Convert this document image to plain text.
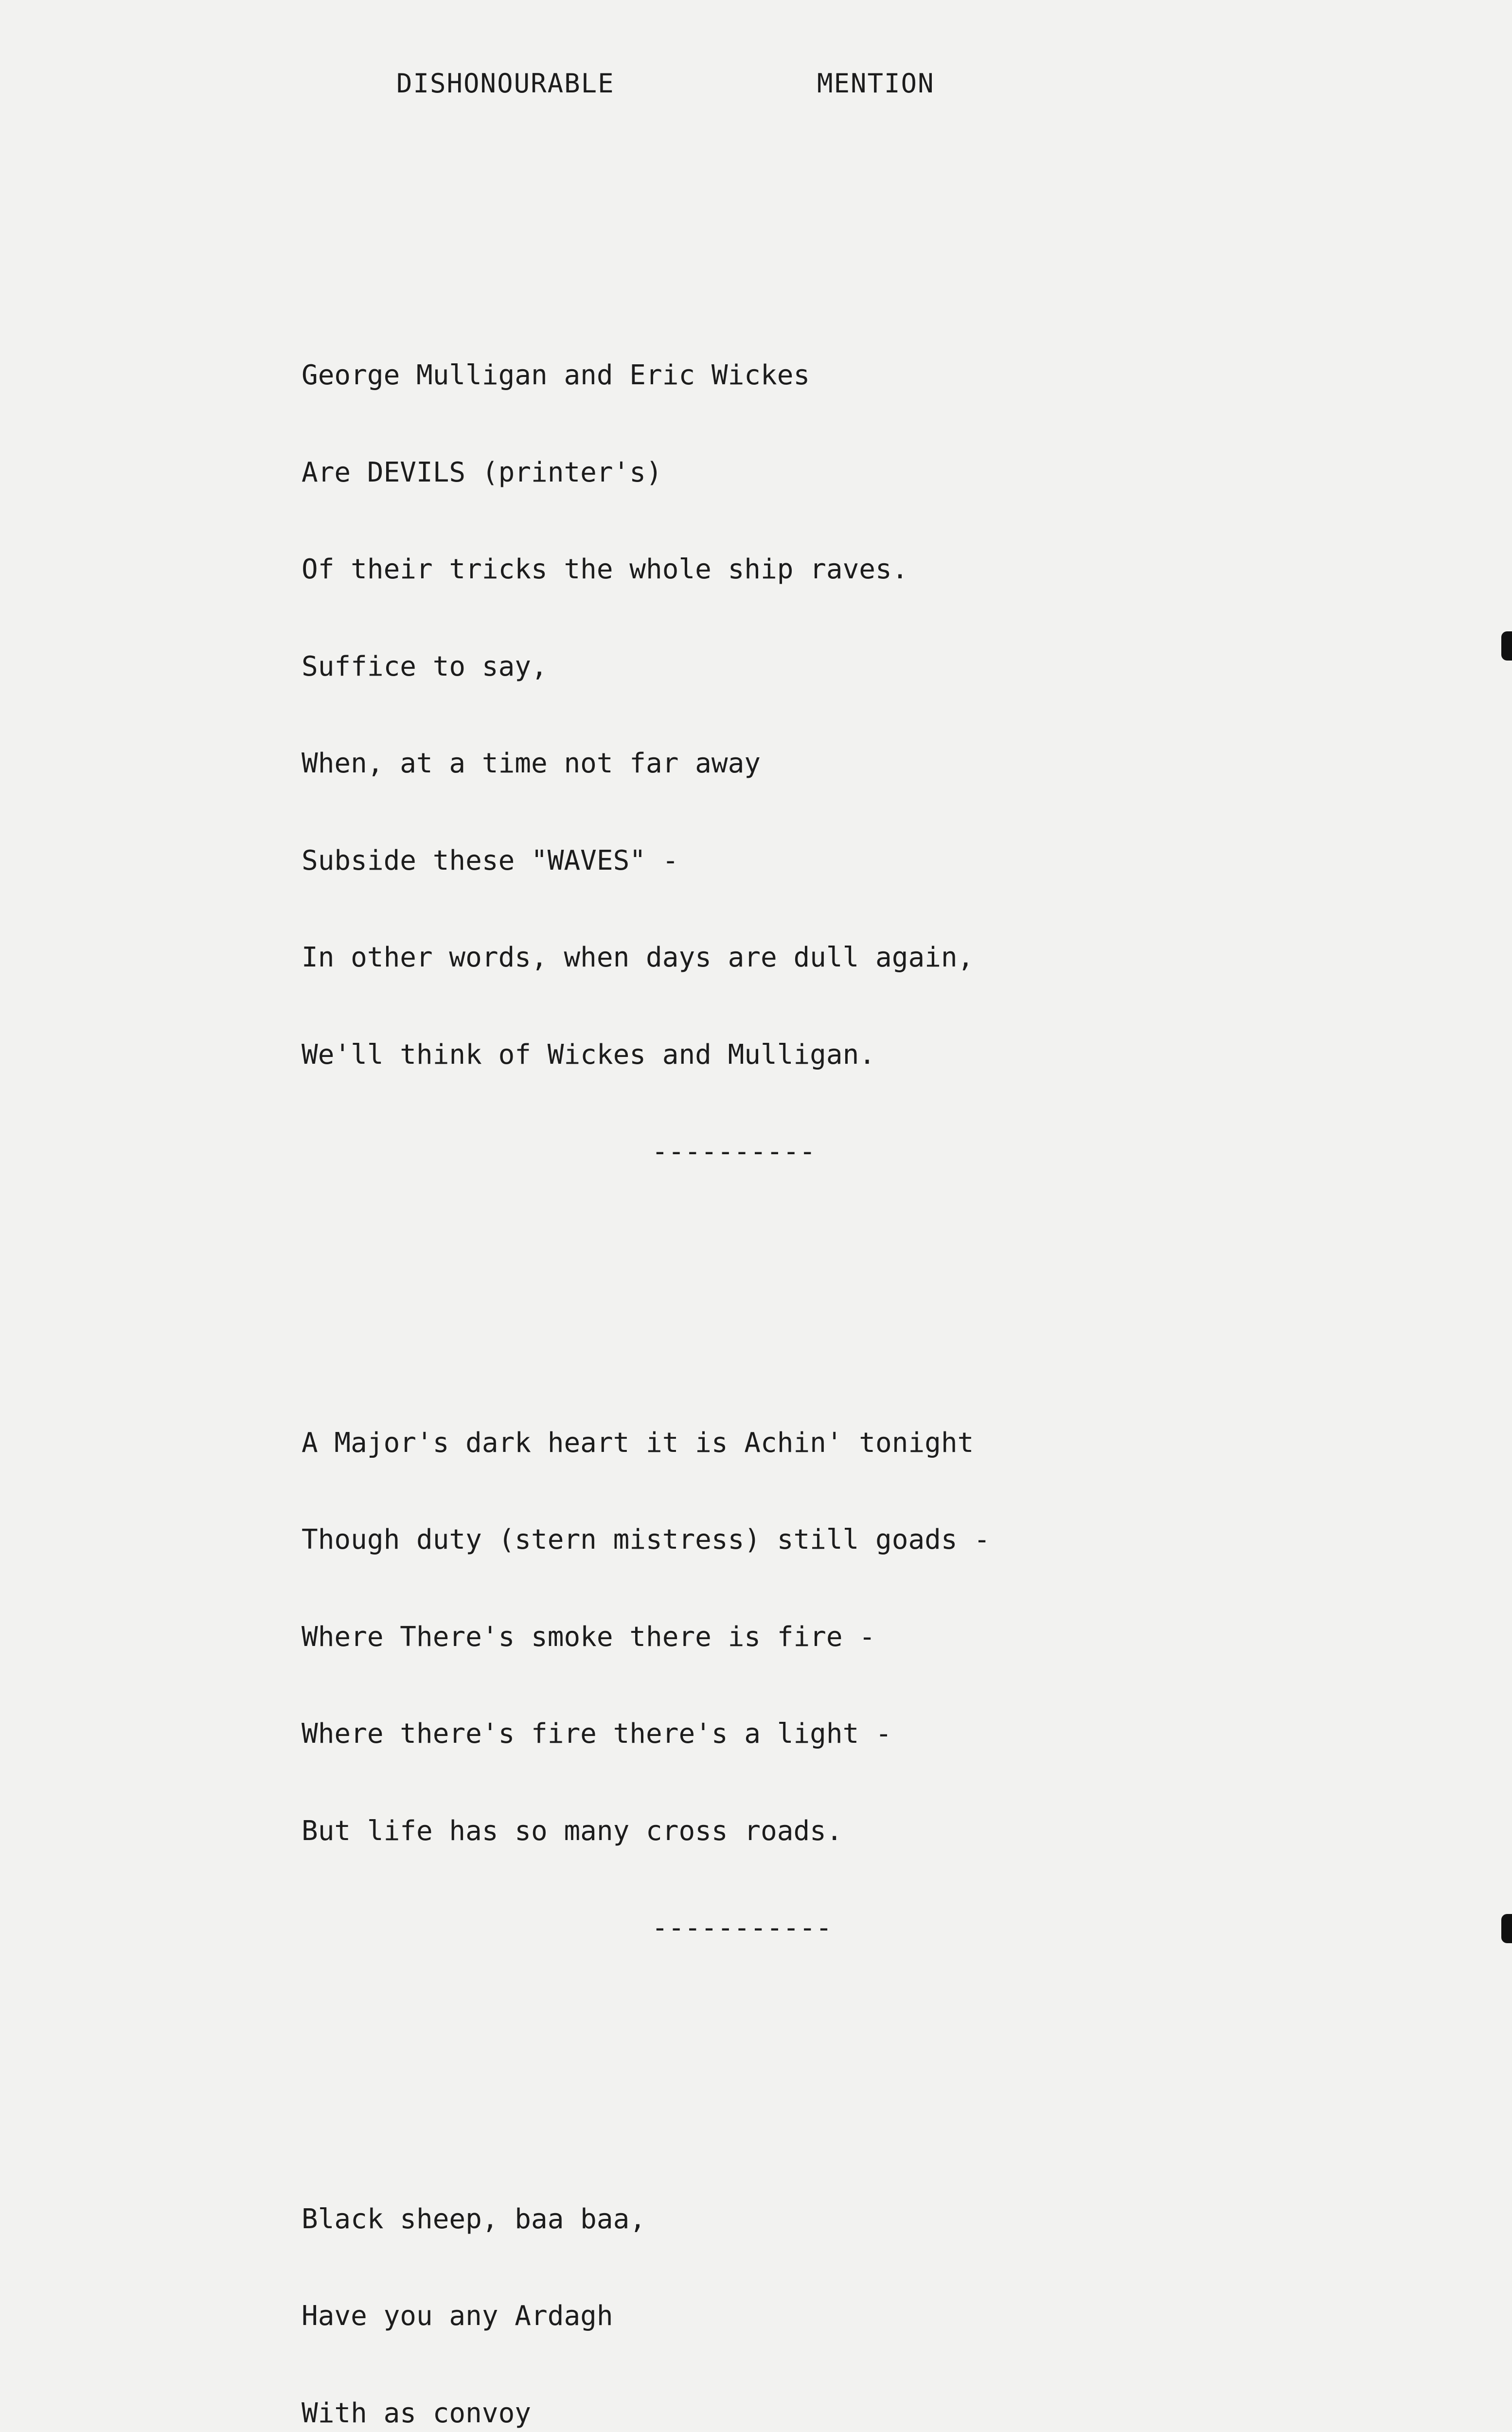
DISHONOURABLE	MENTION

George Mulligan and Eric Wickes

Are DEVILS (printer's)

Of their tricks the whole ship raves.

Suffice to say,

When, at a time not far away

Subside these "WAVES" -

In other words, when days are dull again,

We'll think of Wickes and Mulligan.

----------

A Major's dark heart it is Achin' tonight

Though duty (stern mistress) still goads -

Where There's smoke there is fire -

Where there's fire there's a light -

But life has so many cross roads.

-----------

Black sheep, baa baa,

Have you any Ardagh

With as convoy
